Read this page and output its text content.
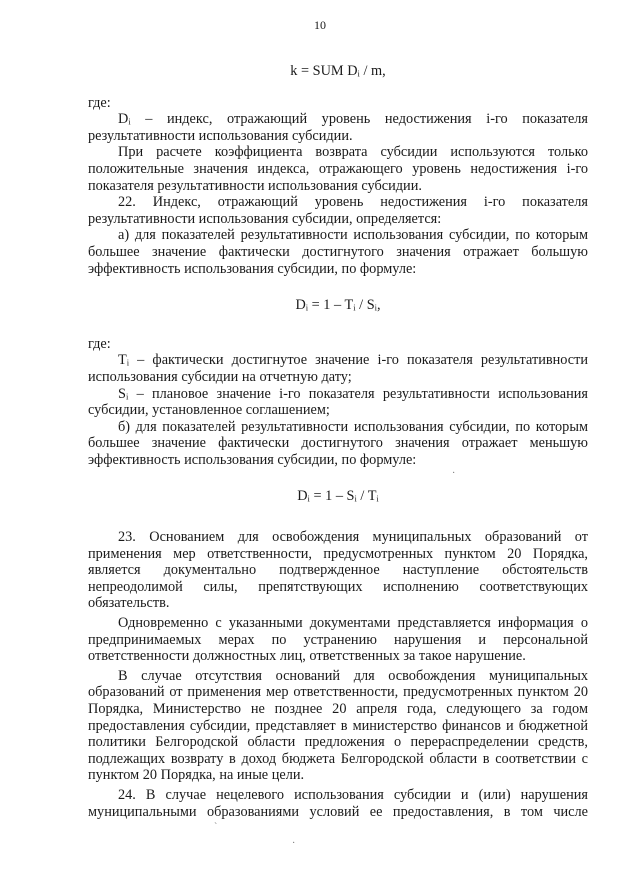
10

k = SUM Dᵢ / m,

где:

Dᵢ – индекс, отражающий уровень недостижения i-го показателя результативности использования субсидии.

При расчете коэффициента возврата субсидии используются только положительные значения индекса, отражающего уровень недостижения i-го показателя результативности использования субсидии.

22. Индекс, отражающий уровень недостижения i-го показателя результативности использования субсидии, определяется:

а) для показателей результативности использования субсидии, по которым большее значение фактически достигнутого значения отражает большую эффективность использования субсидии, по формуле:

Dᵢ = 1 – Tᵢ / Sᵢ,

где:

Tᵢ – фактически достигнутое значение i-го показателя результативности использования субсидии на отчетную дату;

Sᵢ – плановое значение i-го показателя результативности использования субсидии, установленное соглашением;

б) для показателей результативности использования субсидии, по которым большее значение фактически достигнутого значения отражает меньшую эффективность использования субсидии, по формуле:

Dᵢ = 1 – Sᵢ / Tᵢ

23. Основанием для освобождения муниципальных образований от применения мер ответственности, предусмотренных пунктом 20 Порядка, является документально подтвержденное наступление обстоятельств непреодолимой силы, препятствующих исполнению соответствующих обязательств.

Одновременно с указанными документами представляется информация о предпринимаемых мерах по устранению нарушения и персональной ответственности должностных лиц, ответственных за такое нарушение.

В случае отсутствия оснований для освобождения муниципальных образований от применения мер ответственности, предусмотренных пунктом 20 Порядка, Министерство не позднее 20 апреля года, следующего за годом предоставления субсидии, представляет в министерство финансов и бюджетной политики Белгородской области предложения о перераспределении средств, подлежащих возврату в доход бюджета Белгородской области в соответствии с пунктом 20 Порядка, на иные цели.

24. В случае нецелевого использования субсидии и (или) нарушения муниципальными образованиями условий ее предоставления, в том числе

·
`
·
